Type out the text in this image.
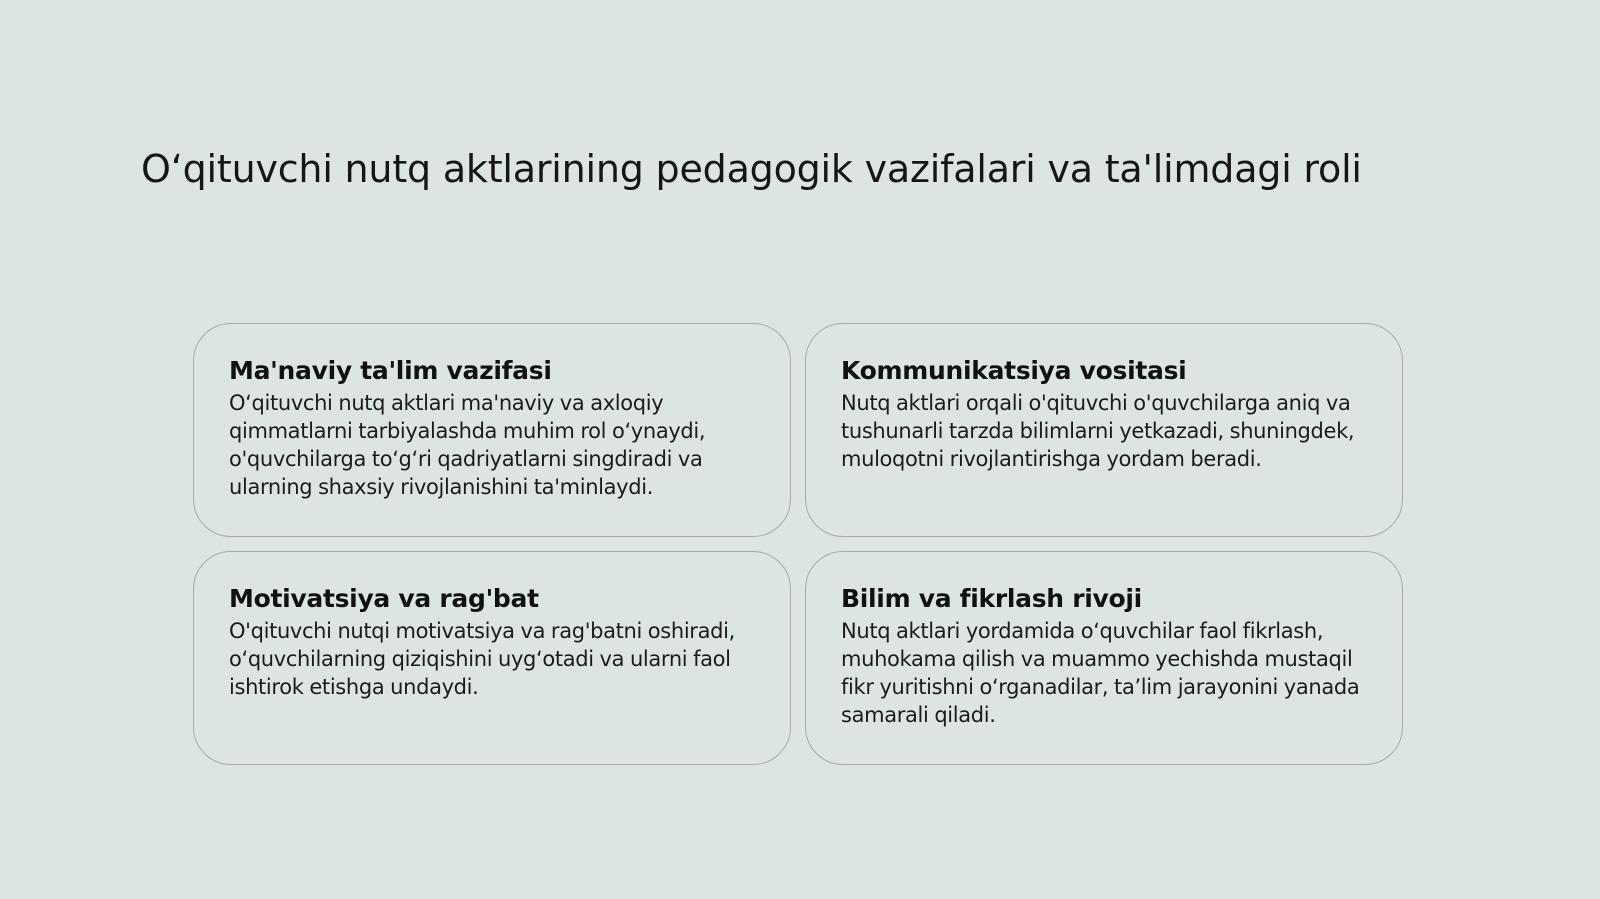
O‘qituvchi nutq aktlarining pedagogik vazifalari va ta'limdagi roli
Ma'naviy ta'lim vazifasi

O‘qituvchi nutq aktlari ma'naviy va axloqiy qimmatlarni tarbiyalashda muhim rol o‘ynaydi, o'quvchilarga to‘g‘ri qadriyatlarni singdiradi va ularning shaxsiy rivojlanishini ta'minlaydi.

Kommunikatsiya vositasi

Nutq aktlari orqali o'qituvchi o'quvchilarga aniq va tushunarli tarzda bilimlarni yetkazadi, shuningdek, muloqotni rivojlantirishga yordam beradi.

Motivatsiya va rag'bat

O'qituvchi nutqi motivatsiya va rag'batni oshiradi, o‘quvchilarning qiziqishini uyg‘otadi va ularni faol ishtirok etishga undaydi.

Bilim va fikrlash rivoji

Nutq aktlari yordamida o‘quvchilar faol fikrlash, muhokama qilish va muammo yechishda mustaqil fikr yuritishni o‘rganadilar, ta’lim jarayonini yanada samarali qiladi.
